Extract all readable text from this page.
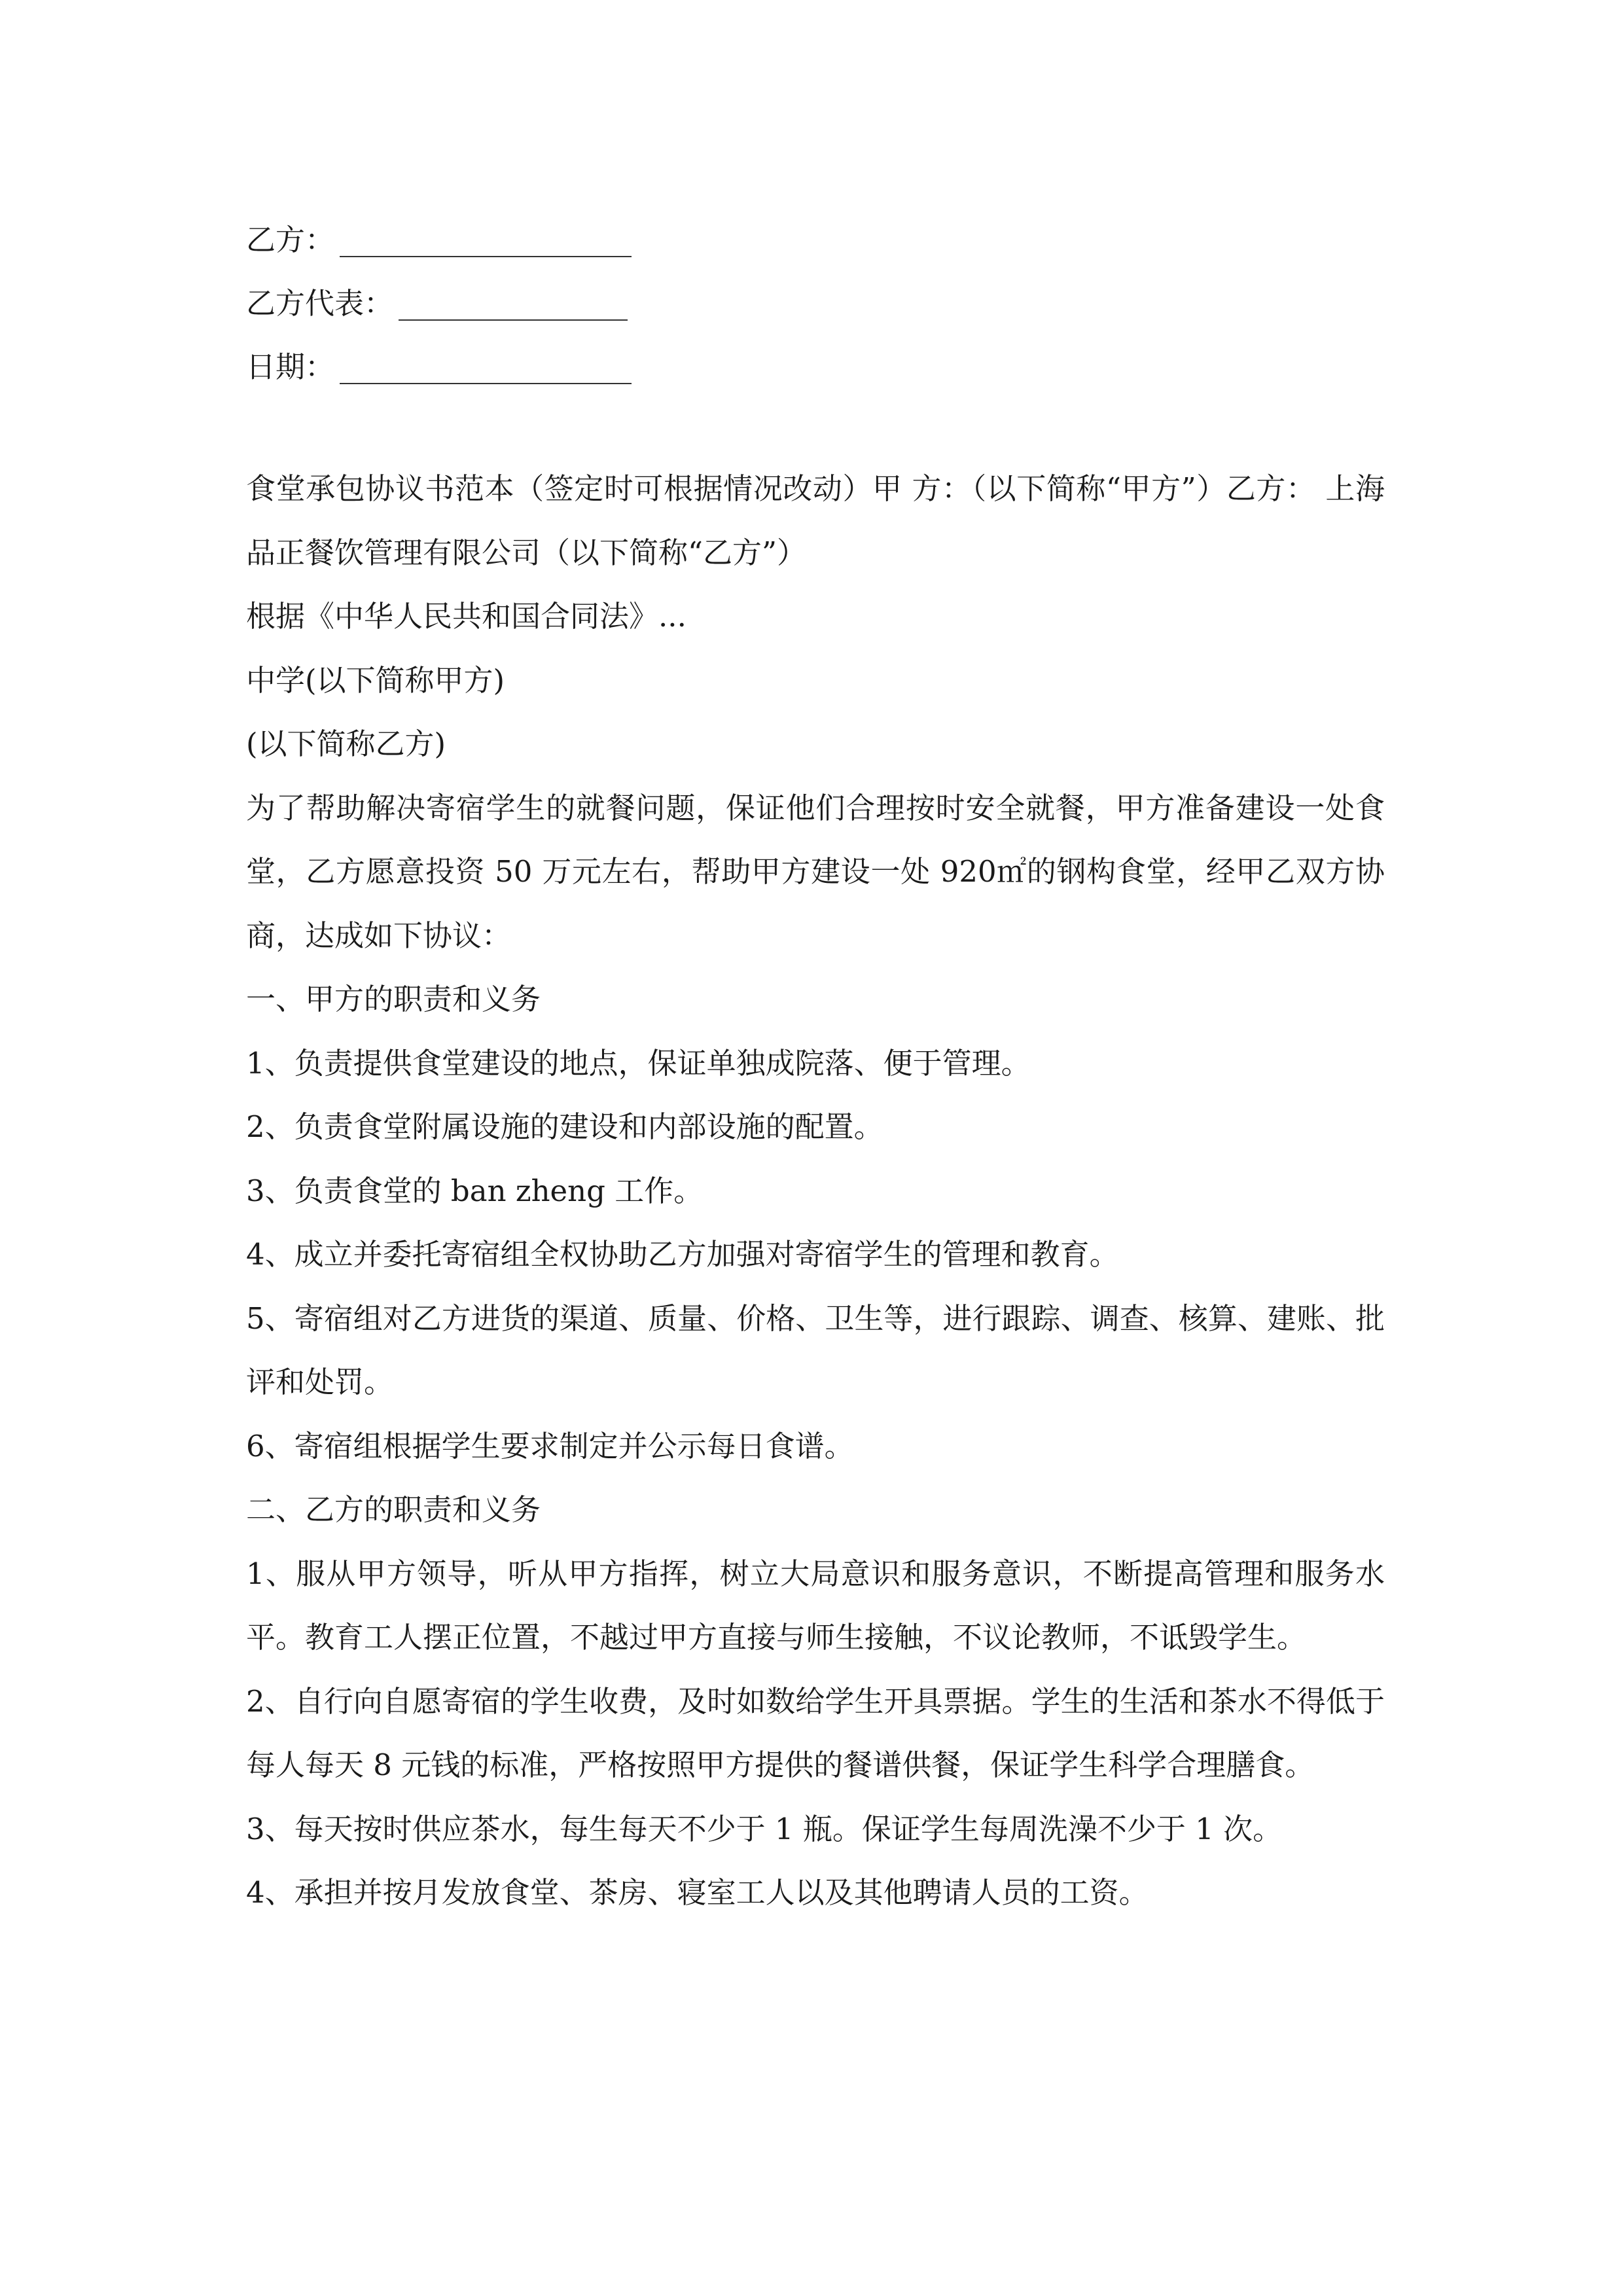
乙方：
乙方代表：
日期：

食堂承包协议书范本（签定时可根据情况改动）甲 方：（以下简称“甲方”）乙方： 上海品正餐饮管理有限公司（以下简称“乙方”）

根据《中华人民共和国合同法》...

中学(以下简称甲方)

(以下简称乙方)

为了帮助解决寄宿学生的就餐问题，保证他们合理按时安全就餐，甲方准备建设一处食堂，乙方愿意投资 50 万元左右，帮助甲方建设一处 920㎡的钢构食堂，经甲乙双方协商，达成如下协议：

一、甲方的职责和义务

1、负责提供食堂建设的地点，保证单独成院落、便于管理。

2、负责食堂附属设施的建设和内部设施的配置。

3、负责食堂的 ban zheng 工作。

4、成立并委托寄宿组全权协助乙方加强对寄宿学生的管理和教育。

5、寄宿组对乙方进货的渠道、质量、价格、卫生等，进行跟踪、调查、核算、建账、批评和处罚。

6、寄宿组根据学生要求制定并公示每日食谱。

二、乙方的职责和义务

1、服从甲方领导，听从甲方指挥，树立大局意识和服务意识，不断提高管理和服务水平。教育工人摆正位置，不越过甲方直接与师生接触，不议论教师，不诋毁学生。

2、自行向自愿寄宿的学生收费，及时如数给学生开具票据。学生的生活和茶水不得低于每人每天 8 元钱的标准，严格按照甲方提供的餐谱供餐，保证学生科学合理膳食。

3、每天按时供应茶水，每生每天不少于 1 瓶。保证学生每周洗澡不少于 1 次。

4、承担并按月发放食堂、茶房、寝室工人以及其他聘请人员的工资。
